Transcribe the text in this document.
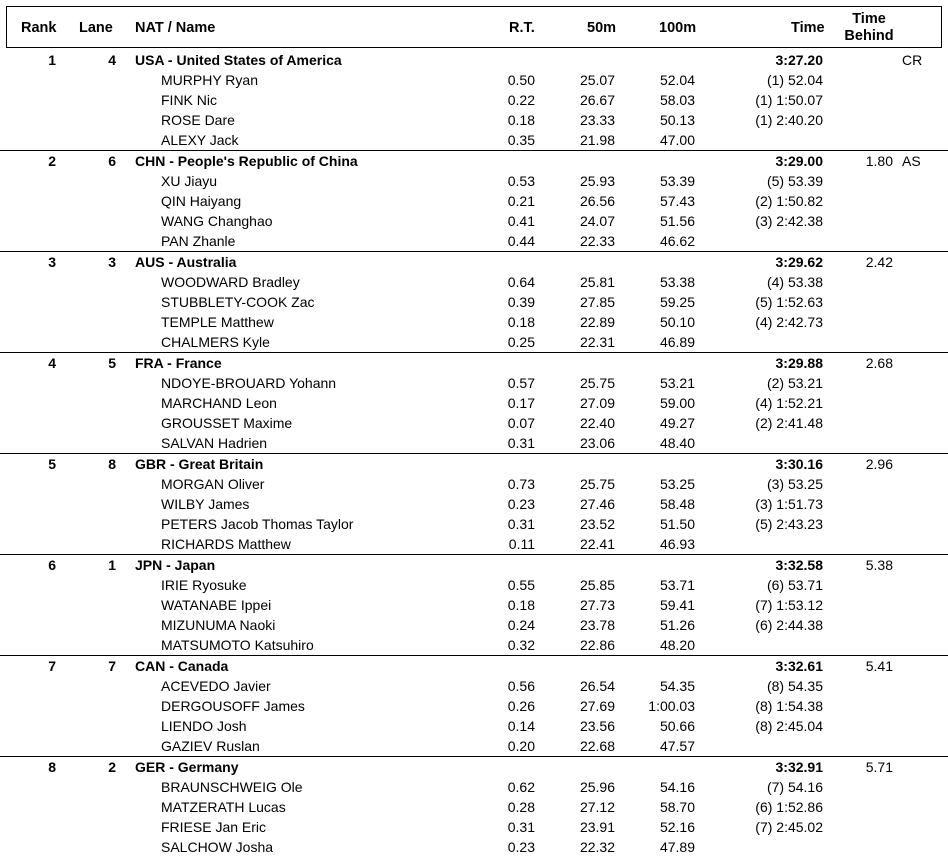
Rank Lane NAT / Name	R.T.	50m	100m	Time
Time
Behind
1	4 USA - United States of America	3:27.20	CR
MURPHY Ryan	0.50	25.07	52.04	(1) 52.04
FINK Nic	0.22	26.67	58.03	(1) 1:50.07
ROSE Dare	0.18	23.33	50.13	(1) 2:40.20
ALEXY Jack	0.35	21.98	47.00
2	6 CHN - People's Republic of China	3:29.00	1.80 AS
XU Jiayu	0.53	25.93	53.39	(5) 53.39
QIN Haiyang	0.21	26.56	57.43	(2) 1:50.82
WANG Changhao	0.41	24.07	51.56	(3) 2:42.38
PAN Zhanle	0.44	22.33	46.62
3	3 AUS - Australia	3:29.62	2.42
WOODWARD Bradley	0.64	25.81	53.38	(4) 53.38
STUBBLETY-COOK Zac	0.39	27.85	59.25	(5) 1:52.63
TEMPLE Matthew	0.18	22.89	50.10	(4) 2:42.73
CHALMERS Kyle	0.25	22.31	46.89
4	5 FRA - France	3:29.88	2.68
NDOYE-BROUARD Yohann	0.57	25.75	53.21	(2) 53.21
MARCHAND Leon	0.17	27.09	59.00	(4) 1:52.21
GROUSSET Maxime	0.07	22.40	49.27	(2) 2:41.48
SALVAN Hadrien	0.31	23.06	48.40
5	8 GBR - Great Britain	3:30.16	2.96
MORGAN Oliver	0.73	25.75	53.25	(3) 53.25
WILBY James	0.23	27.46	58.48	(3) 1:51.73
PETERS Jacob Thomas Taylor	0.31	23.52	51.50	(5) 2:43.23
RICHARDS Matthew	0.11	22.41	46.93
6	1 JPN - Japan	3:32.58	5.38
IRIE Ryosuke	0.55	25.85	53.71	(6) 53.71
WATANABE Ippei	0.18	27.73	59.41	(7) 1:53.12
MIZUNUMA Naoki	0.24	23.78	51.26	(6) 2:44.38
MATSUMOTO Katsuhiro	0.32	22.86	48.20
7	7 CAN - Canada	3:32.61	5.41
ACEVEDO Javier	0.56	26.54	54.35	(8) 54.35
DERGOUSOFF James	0.26	27.69 1:00.03	(8) 1:54.38
LIENDO Josh	0.14	23.56	50.66	(8) 2:45.04
GAZIEV Ruslan	0.20	22.68	47.57
8	2 GER - Germany	3:32.91	5.71
BRAUNSCHWEIG Ole	0.62	25.96	54.16	(7) 54.16
MATZERATH Lucas	0.28	27.12	58.70	(6) 1:52.86
FRIESE Jan Eric	0.31	23.91	52.16	(7) 2:45.02
SALCHOW Josha	0.23	22.32	47.89
